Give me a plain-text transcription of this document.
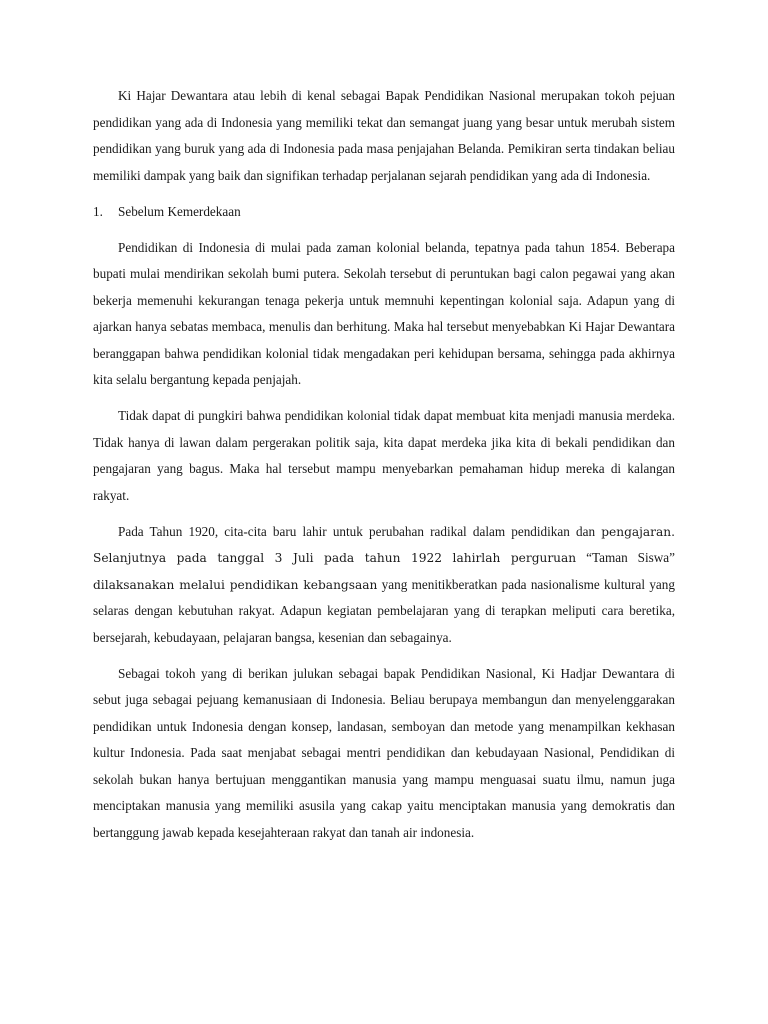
Ki Hajar Dewantara atau lebih di kenal sebagai Bapak Pendidikan Nasional merupakan tokoh pejuan pendidikan yang ada di Indonesia yang memiliki tekat dan semangat juang yang besar untuk merubah sistem pendidikan yang buruk yang ada di Indonesia pada masa penjajahan Belanda. Pemikiran serta tindakan beliau memiliki dampak yang baik dan signifikan terhadap perjalanan sejarah pendidikan yang ada di Indonesia.

1.	Sebelum Kemerdekaan

Pendidikan di Indonesia di mulai pada zaman kolonial belanda, tepatnya pada tahun 1854. Beberapa bupati mulai mendirikan sekolah bumi putera. Sekolah tersebut di peruntukan bagi calon pegawai yang akan bekerja memenuhi kekurangan tenaga pekerja untuk memnuhi kepentingan kolonial saja. Adapun yang di ajarkan hanya sebatas membaca, menulis dan berhitung. Maka hal tersebut menyebabkan Ki Hajar Dewantara beranggapan bahwa pendidikan kolonial tidak mengadakan peri kehidupan bersama, sehingga pada akhirnya kita selalu bergantung kepada penjajah.

Tidak dapat di pungkiri bahwa pendidikan kolonial tidak dapat membuat kita menjadi manusia merdeka. Tidak hanya di lawan dalam pergerakan politik saja, kita dapat merdeka jika kita di bekali pendidikan dan pengajaran yang bagus. Maka hal tersebut mampu menyebarkan pemahaman hidup mereka di kalangan rakyat.

Pada Tahun 1920, cita-cita baru lahir untuk perubahan radikal dalam pendidikan dan pengajaran. Selanjutnya pada tanggal 3 Juli pada tahun 1922 lahirlah perguruan “Taman Siswa” dilaksanakan melalui pendidikan kebangsaan yang menitikberatkan pada nasionalisme kultural yang selaras dengan kebutuhan rakyat. Adapun kegiatan pembelajaran yang di terapkan meliputi cara beretika, bersejarah, kebudayaan, pelajaran bangsa, kesenian dan sebagainya.

Sebagai tokoh yang di berikan julukan sebagai bapak Pendidikan Nasional, Ki Hadjar Dewantara di sebut juga sebagai pejuang kemanusiaan di Indonesia. Beliau berupaya membangun dan menyelenggarakan pendidikan untuk Indonesia dengan konsep, landasan, semboyan dan metode yang menampilkan kekhasan kultur Indonesia. Pada saat menjabat sebagai mentri pendidikan dan kebudayaan Nasional, Pendidikan di sekolah bukan hanya bertujuan menggantikan manusia yang mampu menguasai suatu ilmu, namun juga menciptakan manusia yang memiliki asusila yang cakap yaitu menciptakan manusia yang demokratis dan bertanggung jawab kepada kesejahteraan rakyat dan tanah air indonesia.
